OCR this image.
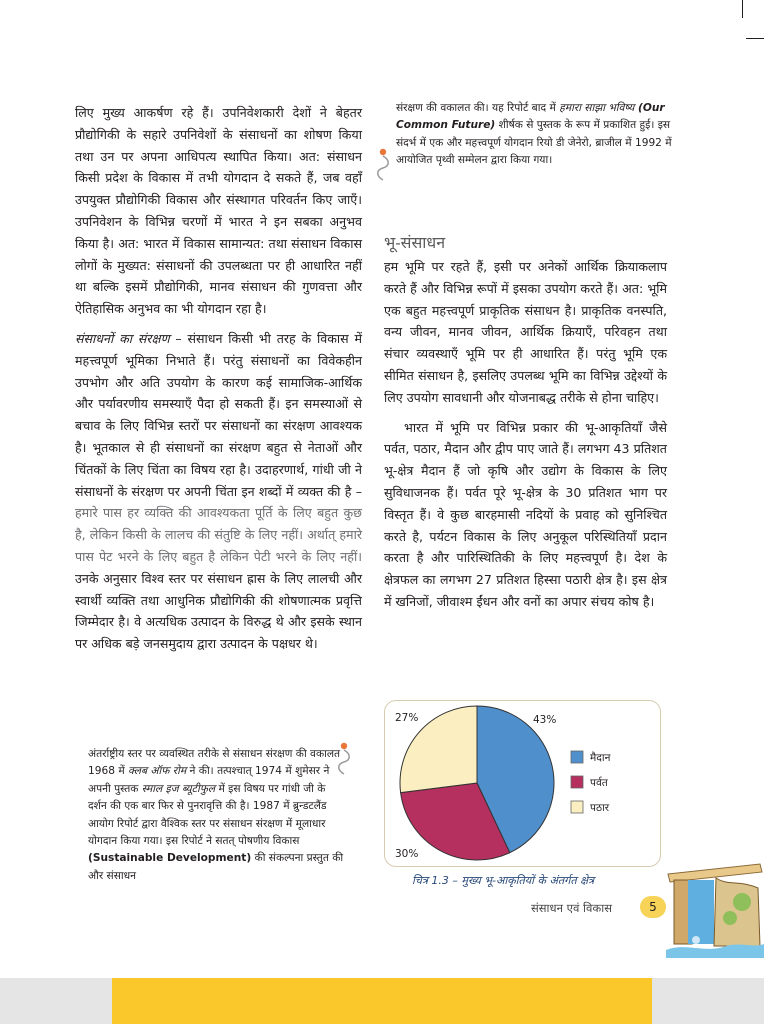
लिए मुख्य आकर्षण रहे हैं। उपनिवेशकारी देशों ने बेहतर प्रौद्योगिकी के सहारे उपनिवेशों के संसाधनों का शोषण किया तथा उन पर अपना आधिपत्य स्थापित किया। अत: संसाधन किसी प्रदेश के विकास में तभी योगदान दे सकते हैं, जब वहाँ उपयुक्त प्रौद्योगिकी विकास और संस्थागत परिवर्तन किए जाएँ। उपनिवेशन के विभिन्न चरणों में भारत ने इन सबका अनुभव किया है। अत: भारत में विकास सामान्यत: तथा संसाधन विकास लोगों के मुख्यत: संसाधनों की उपलब्धता पर ही आधारित नहीं था बल्कि इसमें प्रौद्योगिकी, मानव संसाधन की गुणवत्ता और ऐतिहासिक अनुभव का भी योगदान रहा है।

संसाधनों का संरक्षण – संसाधन किसी भी तरह के विकास में महत्त्वपूर्ण भूमिका निभाते हैं। परंतु संसाधनों का विवेकहीन उपभोग और अति उपयोग के कारण कई सामाजिक-आर्थिक और पर्यावरणीय समस्याएँ पैदा हो सकती हैं। इन समस्याओं से बचाव के लिए विभिन्न स्तरों पर संसाधनों का संरक्षण आवश्यक है। भूतकाल से ही संसाधनों का संरक्षण बहुत से नेताओं और चिंतकों के लिए चिंता का विषय रहा है। उदाहरणार्थ, गांधी जी ने संसाधनों के संरक्षण पर अपनी चिंता इन शब्दों में व्यक्त की है – हमारे पास हर व्यक्ति की आवश्यकता पूर्ति के लिए बहुत कुछ है, लेकिन किसी के लालच की संतुष्टि के लिए नहीं। अर्थात् हमारे पास पेट भरने के लिए बहुत है लेकिन पेटी भरने के लिए नहीं। उनके अनुसार विश्व स्तर पर संसाधन ह्रास के लिए लालची और स्वार्थी व्यक्ति तथा आधुनिक प्रौद्योगिकी की शोषणात्मक प्रवृत्ति जिम्मेदार है। वे अत्यधिक उत्पादन के विरुद्ध थे और इसके स्थान पर अधिक बड़े जनसमुदाय द्वारा उत्पादन के पक्षधर थे।

अंतर्राष्ट्रीय स्तर पर व्यवस्थित तरीके से संसाधन संरक्षण की वकालत 1968 में क्लब ऑफ रोम ने की। तत्पश्चात् 1974 में शुमेसर ने अपनी पुस्तक स्माल इज ब्यूटीफुल में इस विषय पर गांधी जी के दर्शन की एक बार फिर से पुनरावृत्ति की है। 1987 में ब्रुन्डटलैंड आयोग रिपोर्ट द्वारा वैश्विक स्तर पर संसाधन संरक्षण में मूलाधार योगदान किया गया। इस रिपोर्ट ने सतत् पोषणीय विकास (Sustainable Development) की संकल्पना प्रस्तुत की और संसाधन
संरक्षण की वकालत की। यह रिपोर्ट बाद में हमारा साझा भविष्य (Our Common Future) शीर्षक से पुस्तक के रूप में प्रकाशित हुई। इस संदर्भ में एक और महत्त्वपूर्ण योगदान रियो डी जेनेरो, ब्राजील में 1992 में आयोजित पृथ्वी सम्मेलन द्वारा किया गया।
भू-संसाधन

हम भूमि पर रहते हैं, इसी पर अनेकों आर्थिक क्रियाकलाप करते हैं और विभिन्न रूपों में इसका उपयोग करते हैं। अत: भूमि एक बहुत महत्त्वपूर्ण प्राकृतिक संसाधन है। प्राकृतिक वनस्पति, वन्य जीवन, मानव जीवन, आर्थिक क्रियाएँ, परिवहन तथा संचार व्यवस्थाएँ भूमि पर ही आधारित हैं। परंतु भूमि एक सीमित संसाधन है, इसलिए उपलब्ध भूमि का विभिन्न उद्देश्यों के लिए उपयोग सावधानी और योजनाबद्ध तरीके से होना चाहिए।

भारत में भूमि पर विभिन्न प्रकार की भू-आकृतियाँ जैसे पर्वत, पठार, मैदान और द्वीप पाए जाते हैं। लगभग 43 प्रतिशत भू-क्षेत्र मैदान हैं जो कृषि और उद्योग के विकास के लिए सुविधाजनक हैं। पर्वत पूरे भू-क्षेत्र के 30 प्रतिशत भाग पर विस्तृत हैं। वे कुछ बारहमासी नदियों के प्रवाह को सुनिश्चित करते है, पर्यटन विकास के लिए अनुकूल परिस्थितियाँ प्रदान करता है और पारिस्थितिकी के लिए महत्त्वपूर्ण है। देश के क्षेत्रफल का लगभग 27 प्रतिशत हिस्सा पठारी क्षेत्र है। इस क्षेत्र में खनिजों, जीवाश्म ईंधन और वनों का अपार संचय कोष है।

43%
30%
27%
मैदान
पर्वत
पठार
चित्र 1.3 – मुख्य भू-आकृतियों के अंतर्गत क्षेत्र
संसाधन एवं विकास	5
